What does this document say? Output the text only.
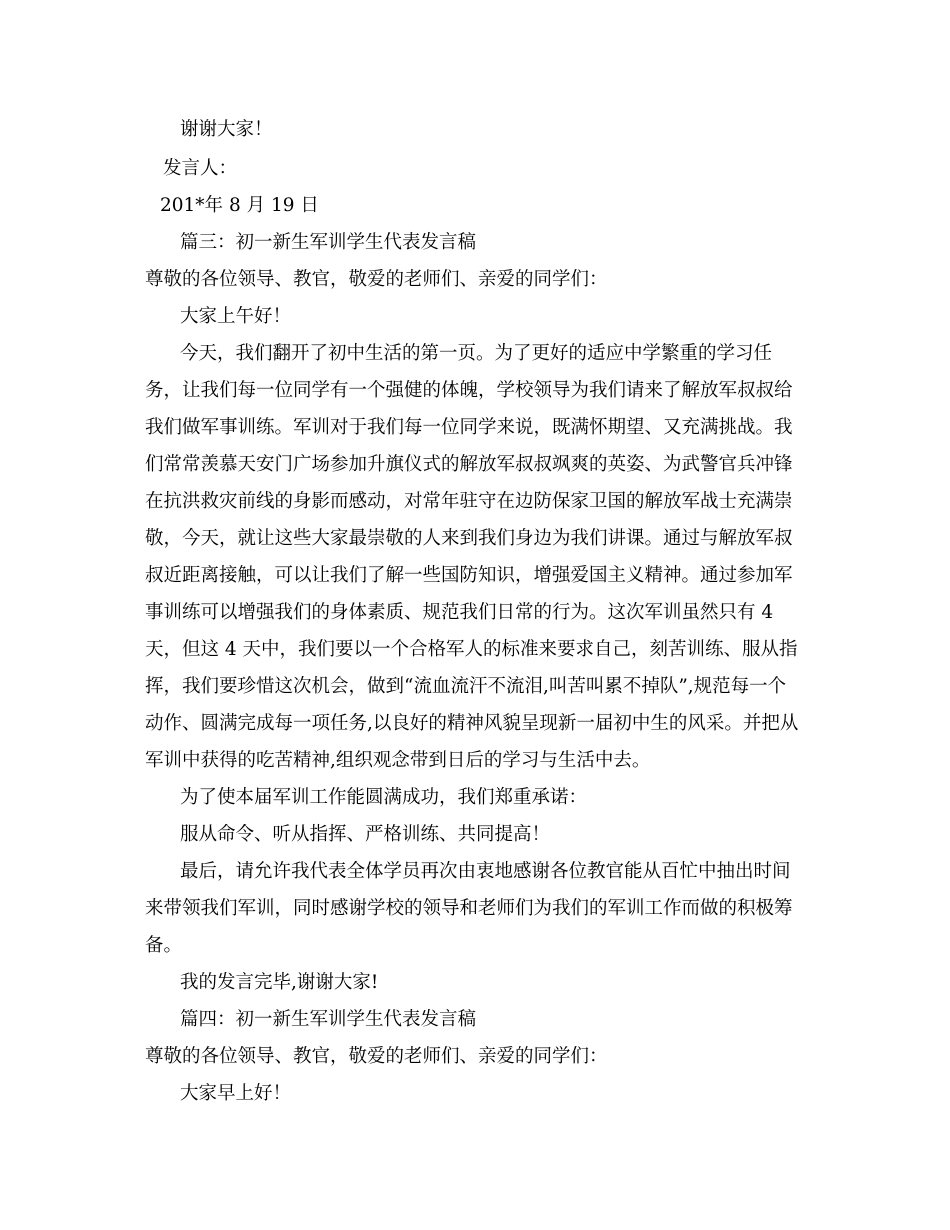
谢谢大家！
发言人：
201*年 8 月 19 日
篇三：初一新生军训学生代表发言稿
尊敬的各位领导、教官，敬爱的老师们、亲爱的同学们：
大家上午好！
今天，我们翻开了初中生活的第一页。为了更好的适应中学繁重的学习任
务，让我们每一位同学有一个强健的体魄，学校领导为我们请来了解放军叔叔给
我们做军事训练。军训对于我们每一位同学来说，既满怀期望、又充满挑战。我
们常常羡慕天安门广场参加升旗仪式的解放军叔叔飒爽的英姿、为武警官兵冲锋
在抗洪救灾前线的身影而感动，对常年驻守在边防保家卫国的解放军战士充满崇
敬，今天，就让这些大家最崇敬的人来到我们身边为我们讲课。通过与解放军叔
叔近距离接触，可以让我们了解一些国防知识，增强爱国主义精神。通过参加军
事训练可以增强我们的身体素质、规范我们日常的行为。这次军训虽然只有 4
天，但这 4 天中，我们要以一个合格军人的标准来要求自己，刻苦训练、服从指
挥，我们要珍惜这次机会，做到“流血流汗不流泪,叫苦叫累不掉队”,规范每一个
动作、圆满完成每一项任务,以良好的精神风貌呈现新一届初中生的风采。并把从
军训中获得的吃苦精神,组织观念带到日后的学习与生活中去。
为了使本届军训工作能圆满成功，我们郑重承诺：
服从命令、听从指挥、严格训练、共同提高！
最后，请允许我代表全体学员再次由衷地感谢各位教官能从百忙中抽出时间
来带领我们军训，同时感谢学校的领导和老师们为我们的军训工作而做的积极筹
备。
我的发言完毕,谢谢大家!
篇四：初一新生军训学生代表发言稿
尊敬的各位领导、教官，敬爱的老师们、亲爱的同学们：
大家早上好！
